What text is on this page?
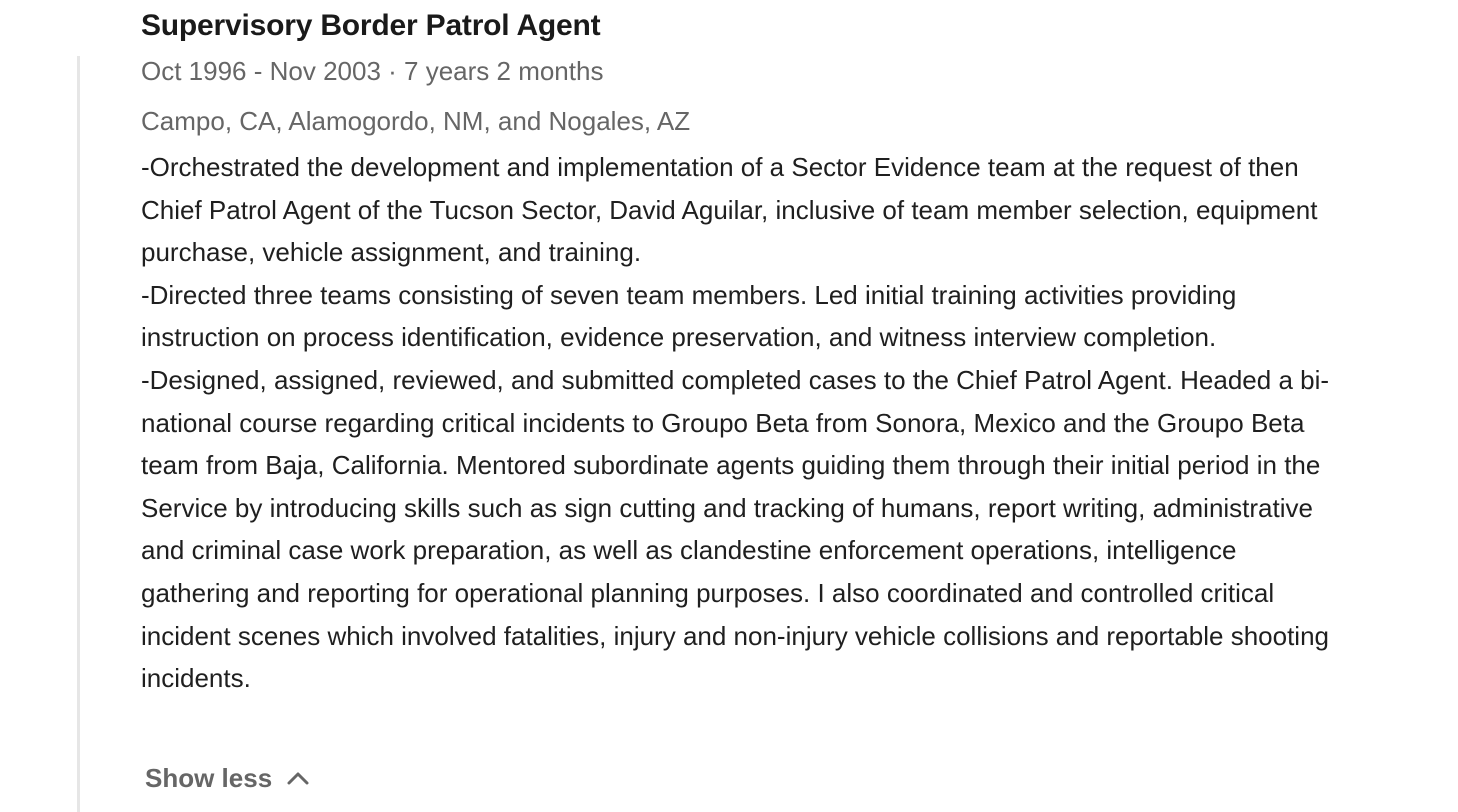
Supervisory Border Patrol Agent
Oct 1996 - Nov 2003 · 7 years 2 months
Campo, CA, Alamogordo, NM, and Nogales, AZ

-Orchestrated the development and implementation of a Sector Evidence team at the request of then Chief Patrol Agent of the Tucson Sector, David Aguilar, inclusive of team member selection, equipment purchase, vehicle assignment, and training.

-Directed three teams consisting of seven team members. Led initial training activities providing instruction on process identification, evidence preservation, and witness interview completion.

-Designed, assigned, reviewed, and submitted completed cases to the Chief Patrol Agent. Headed a bi-national course regarding critical incidents to Groupo Beta from Sonora, Mexico and the Groupo Beta team from Baja, California. Mentored subordinate agents guiding them through their initial period in the Service by introducing skills such as sign cutting and tracking of humans, report writing, administrative and criminal case work preparation, as well as clandestine enforcement operations, intelligence gathering and reporting for operational planning purposes. I also coordinated and controlled critical incident scenes which involved fatalities, injury and non-injury vehicle collisions and reportable shooting incidents.

Show less
